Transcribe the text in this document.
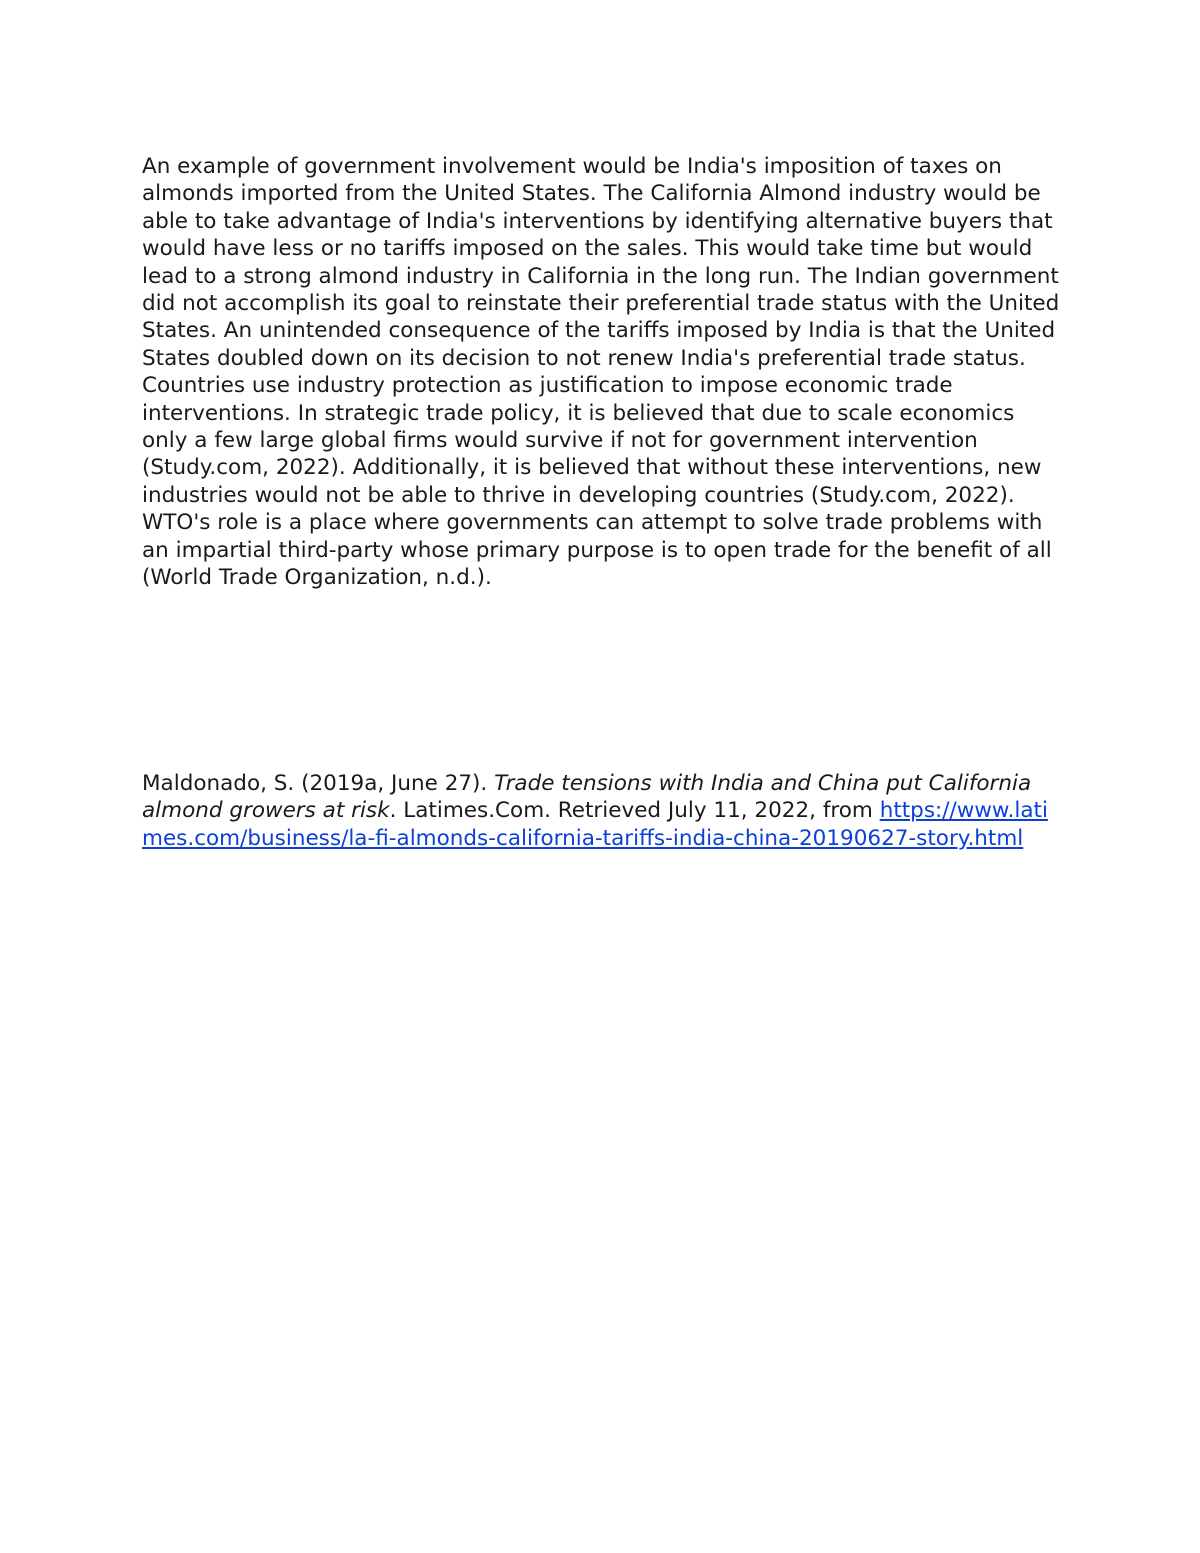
An example of government involvement would be India's imposition of taxes on almonds imported from the United States. The California Almond industry would be able to take advantage of India's interventions by identifying alternative buyers that would have less or no tariffs imposed on the sales. This would take time but would lead to a strong almond industry in California in the long run. The Indian government did not accomplish its goal to reinstate their preferential trade status with the United States. An unintended consequence of the tariffs imposed by India is that the United States doubled down on its decision to not renew India's preferential trade status. Countries use industry protection as justification to impose economic trade interventions. In strategic trade policy, it is believed that due to scale economics only a few large global firms would survive if not for government intervention (Study.com, 2022). Additionally, it is believed that without these interventions, new industries would not be able to thrive in developing countries (Study.com, 2022). WTO's role is a place where governments can attempt to solve trade problems with an impartial third-party whose primary purpose is to open trade for the benefit of all (World Trade Organization, n.d.).

Maldonado, S. (2019a, June 27). Trade tensions with India and China put California almond growers at risk. Latimes.Com. Retrieved July 11, 2022, from https://www.latimes.com/business/la-fi-almonds-california-tariffs-india-china-20190627-story.html
